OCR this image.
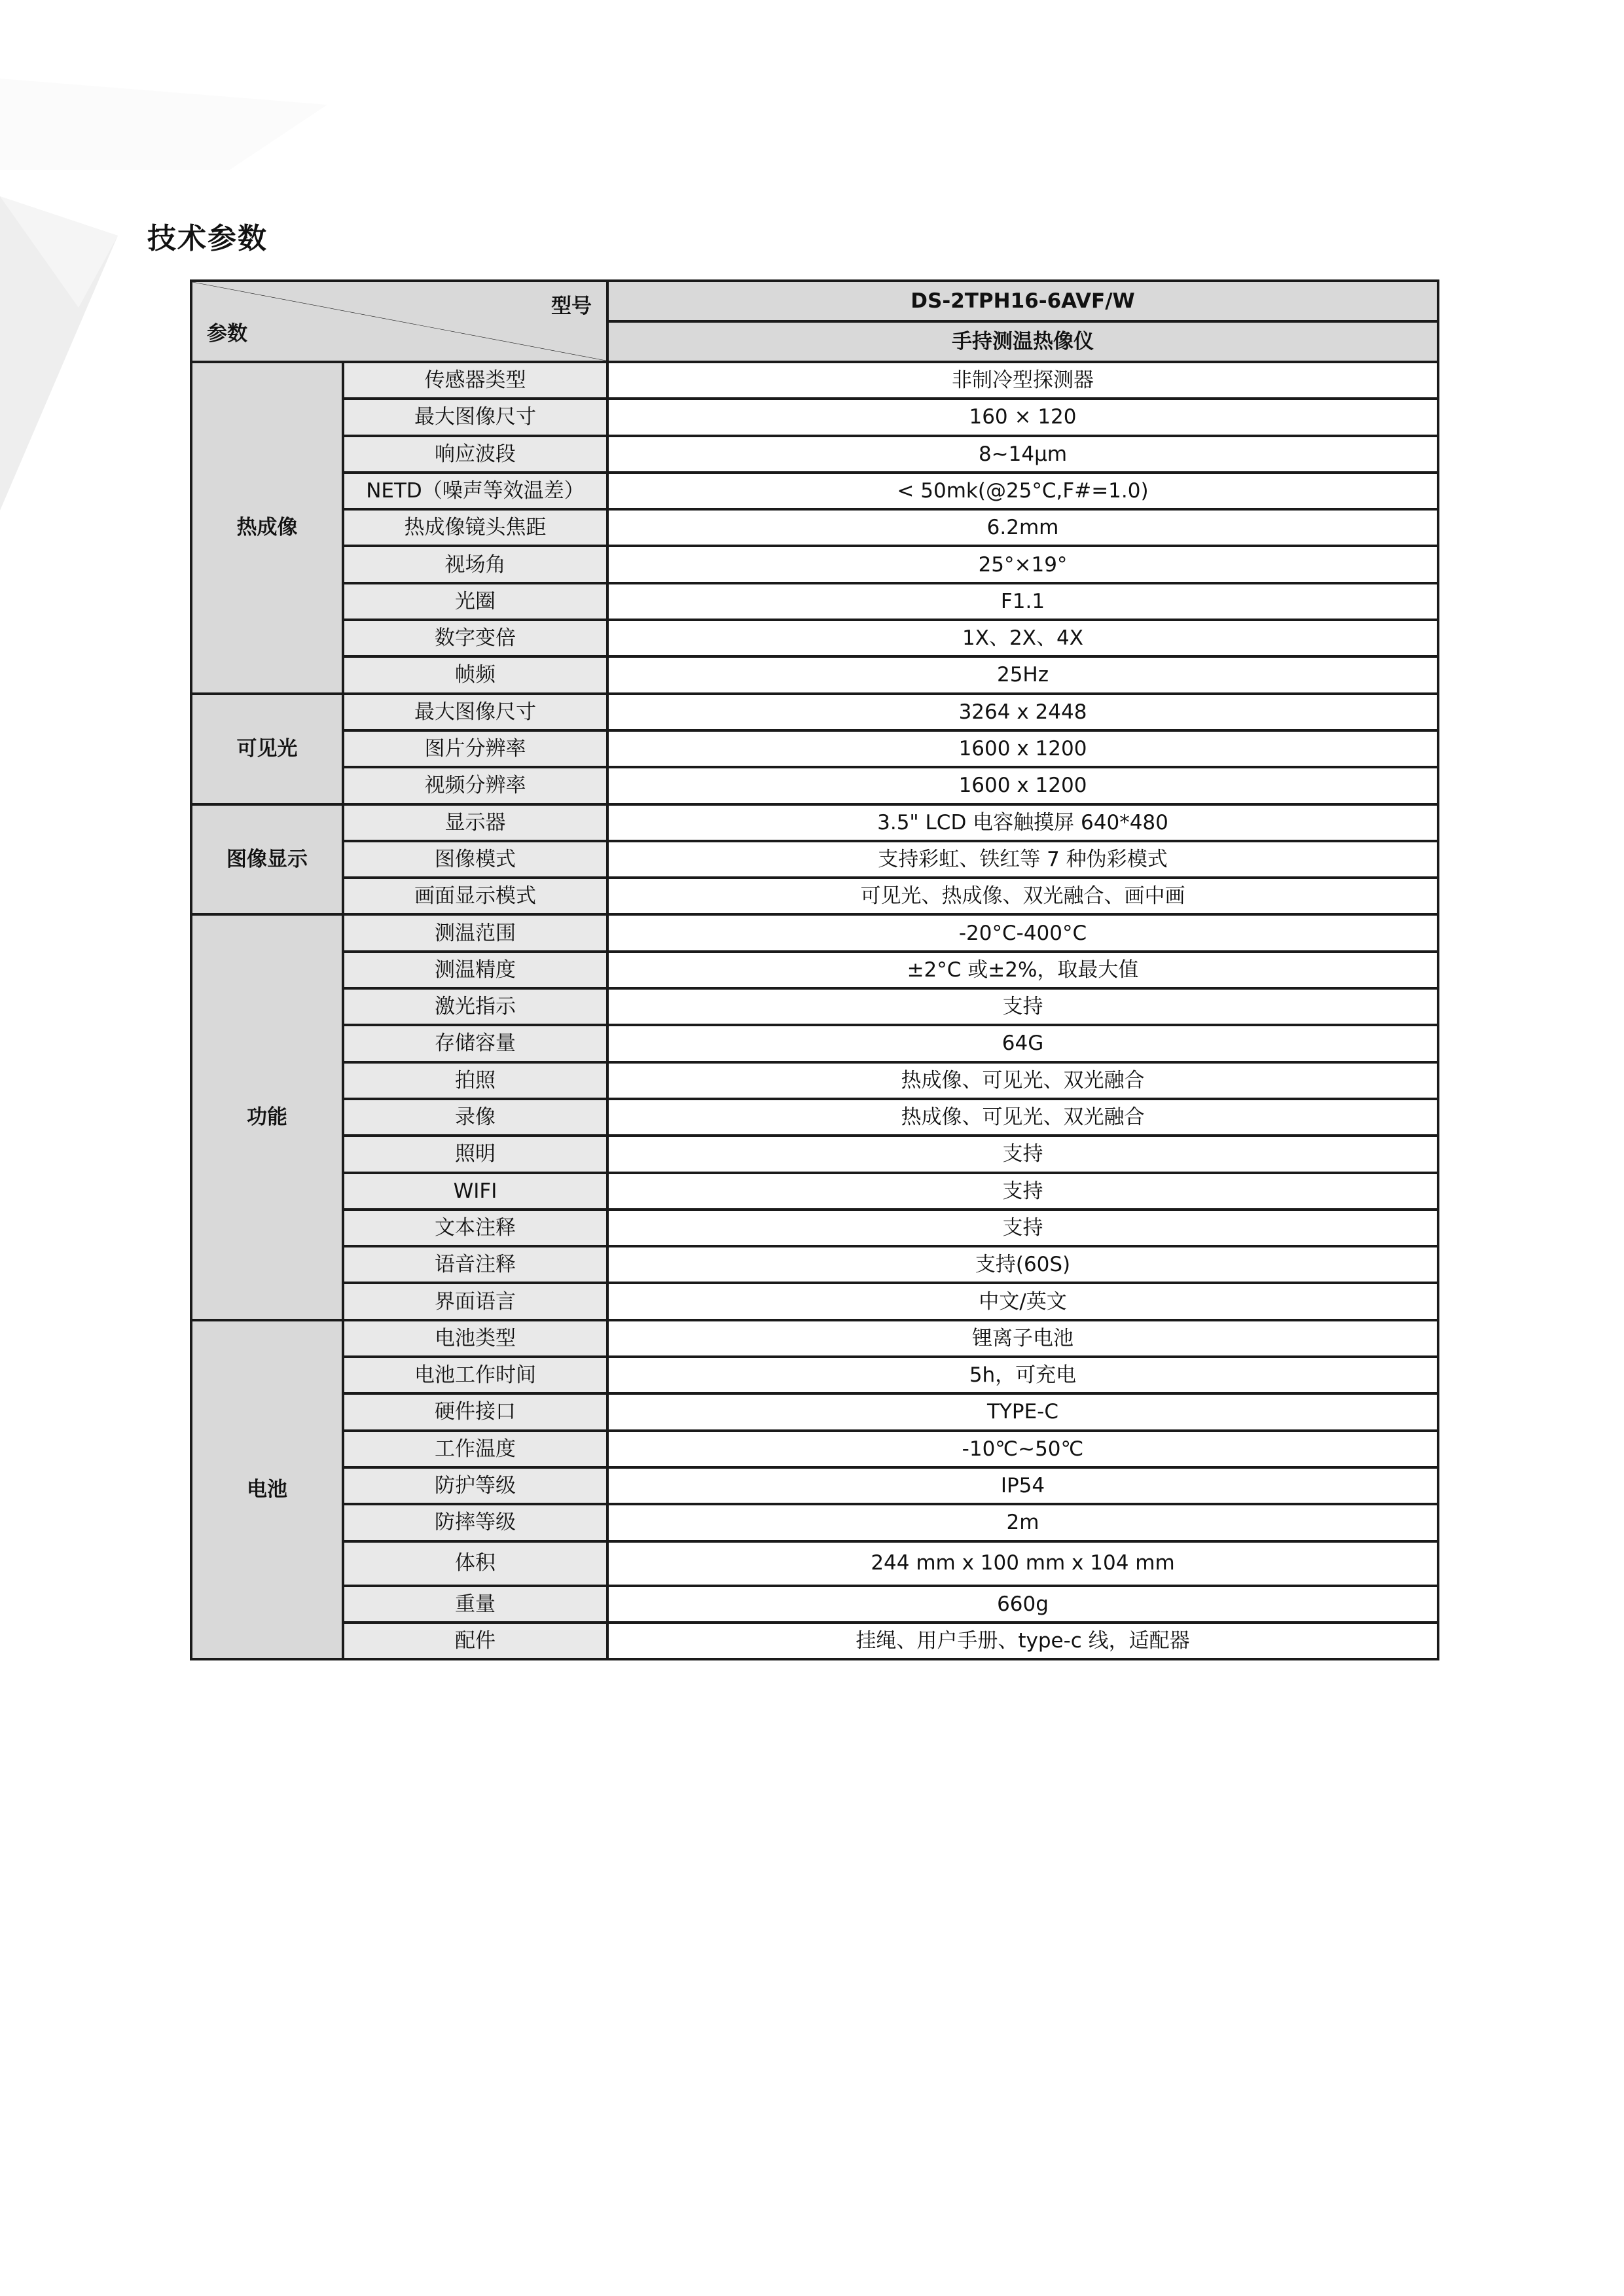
技术参数
型号
参数		DS-2TPH16-6AVF/W
		手持测温热像仪
热成像	传感器类型	非制冷型探测器
	最大图像尺寸	160 × 120
	响应波段	8~14μm
	NETD（噪声等效温差）	< 50mk(@25°C,F#=1.0)
	热成像镜头焦距	6.2mm
	视场角	25°×19°
	光圈	F1.1
	数字变倍	1X、2X、4X
	帧频	25Hz
可见光	最大图像尺寸	3264 x 2448
	图片分辨率	1600 x 1200
	视频分辨率	1600 x 1200
图像显示	显示器	3.5" LCD 电容触摸屏 640*480
	图像模式	支持彩虹、铁红等 7 种伪彩模式
	画面显示模式	可见光、热成像、双光融合、画中画
功能	测温范围	-20°C-400°C
	测温精度	±2°C 或±2%，取最大值
	激光指示	支持
	存储容量	64G
	拍照	热成像、可见光、双光融合
	录像	热成像、可见光、双光融合
	照明	支持
	WIFI	支持
	文本注释	支持
	语音注释	支持(60S)
	界面语言	中文/英文
电池	电池类型	锂离子电池
	电池工作时间	5h，可充电
	硬件接口	TYPE-C
	工作温度	-10℃~50℃
	防护等级	IP54
	防摔等级	2m
	体积	244 mm x 100 mm x 104 mm
	重量	660g
	配件	挂绳、用户手册、type-c 线，适配器
